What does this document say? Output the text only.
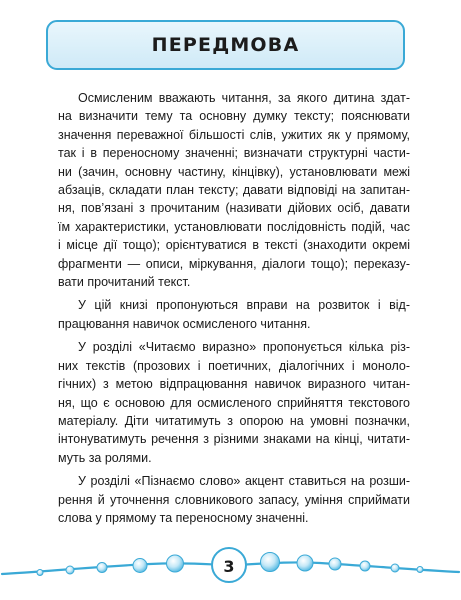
ПЕРЕДМОВА
Осмисленим вважають читання, за якого дитина здат-
на визначити тему та основну думку тексту; пояснювати
значення переважної більшості слів, ужитих як у прямому,
так і в переносному значенні; визначати структурні части-
ни (зачин, основну частину, кінцівку), установлювати межі
абзаців, складати план тексту; давати відповіді на запитан-
ня, пов’язані з прочитаним (називати дійових осіб, давати
їм характеристики, установлювати послідовність подій, час
і місце дії тощо); орієнтуватися в тексті (знаходити окремі
фрагменти — описи, міркування, діалоги тощо); переказу-
вати прочитаний текст.
У цій книзі пропонуються вправи на розвиток і від-
працювання навичок осмисленого читання.
У розділі «Читаємо виразно» пропонується кілька різ-
них текстів (прозових і поетичних, діалогічних і моноло-
гічних) з метою відпрацювання навичок виразного читан-
ня, що є основою для осмисленого сприйняття текстового
матеріалу. Діти читатимуть з опорою на умовні позначки,
інтонуватимуть речення з різними знаками на кінці, читати-
муть за ролями.
У розділі «Пізнаємо слово» акцент ставиться на розши-
рення й уточнення словникового запасу, уміння сприймати
слова у прямому та переносному значенні.
3
